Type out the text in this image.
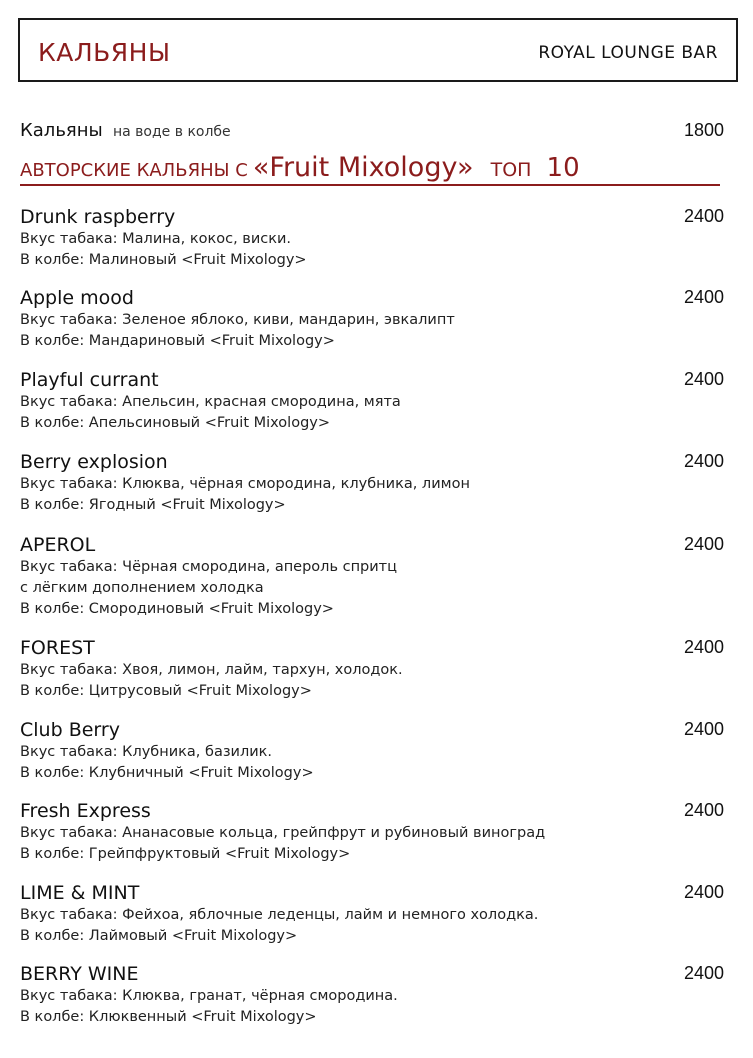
КАЛЬЯНЫ	ROYAL LOUNGE BAR
Кальяны на воде в колбе	1800
АВТОРСКИЕ КАЛЬЯНЫ С «Fruit Mixology» ТОП 10
Drunk raspberry	2400
Вкус табака: Малина, кокос, виски.
В колбе: Малиновый <Fruit Mixology>
Apple mood	2400
Вкус табака: Зеленое яблоко, киви, мандарин, эвкалипт
В колбе: Мандариновый <Fruit Mixology>
Playful currant	2400
Вкус табака: Апельсин, красная смородина, мята
В колбе: Апельсиновый <Fruit Mixology>
Berry explosion	2400
Вкус табака: Клюква, чёрная смородина, клубника, лимон
В колбе: Ягодный <Fruit Mixology>
APEROL	2400
Вкус табака: Чёрная смородина, апероль спритц
с лёгким дополнением холодка
В колбе: Смородиновый <Fruit Mixology>
FOREST	2400
Вкус табака: Хвоя, лимон, лайм, тархун, холодок.
В колбе: Цитрусовый <Fruit Mixology>
Club Berry	2400
Вкус табака: Клубника, базилик.
В колбе: Клубничный <Fruit Mixology>
Fresh Express	2400
Вкус табака: Ананасовые кольца, грейпфрут и рубиновый виноград
В колбе: Грейпфруктовый <Fruit Mixology>
LIME & MINT	2400
Вкус табака: Фейхоа, яблочные леденцы, лайм и немного холодка.
В колбе: Лаймовый <Fruit Mixology>
BERRY WINE	2400
Вкус табака: Клюква, гранат, чёрная смородина.
В колбе: Клюквенный <Fruit Mixology>
